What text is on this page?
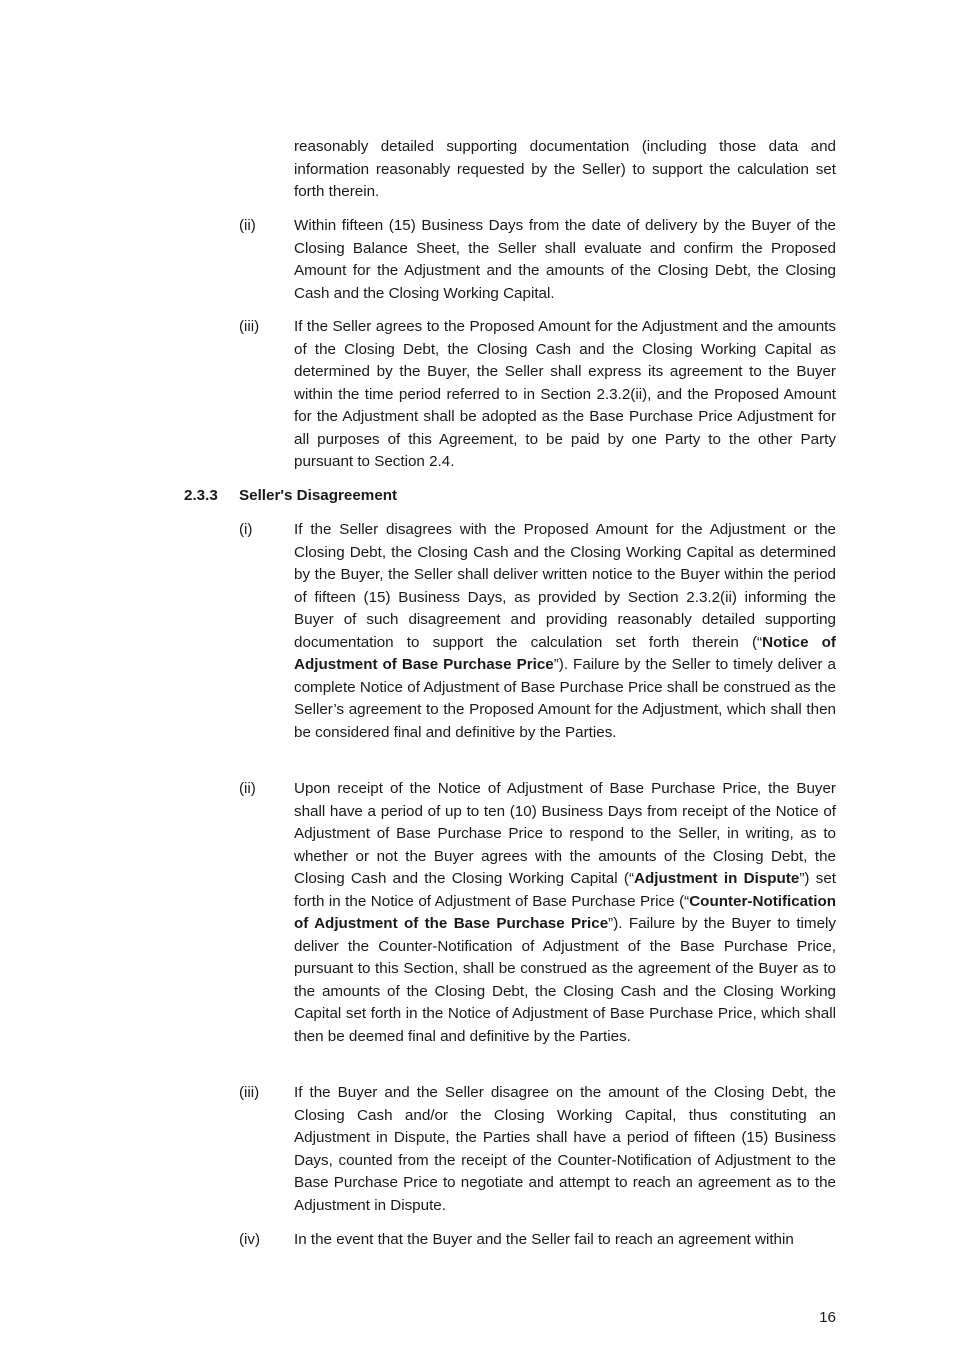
reasonably detailed supporting documentation (including those data and information reasonably requested by the Seller) to support the calculation set forth therein.

(ii)	Within fifteen (15) Business Days from the date of delivery by the Buyer of the Closing Balance Sheet, the Seller shall evaluate and confirm the Proposed Amount for the Adjustment and the amounts of the Closing Debt, the Closing Cash and the Closing Working Capital.

(iii) If the Seller agrees to the Proposed Amount for the Adjustment and the amounts of the Closing Debt, the Closing Cash and the Closing Working Capital as determined by the Buyer, the Seller shall express its agreement to the Buyer within the time period referred to in Section 2.3.2(ii), and the Proposed Amount for the Adjustment shall be adopted as the Base Purchase Price Adjustment for all purposes of this Agreement, to be paid by one Party to the other Party pursuant to Section 2.4.

2.3.3 Seller's Disagreement
(i)	If the Seller disagrees with the Proposed Amount for the Adjustment or the Closing Debt, the Closing Cash and the Closing Working Capital as determined by the Buyer, the Seller shall deliver written notice to the Buyer within the period of fifteen (15) Business Days, as provided by Section 2.3.2(ii) informing the Buyer of such disagreement and providing reasonably detailed supporting documentation to support the calculation set forth therein (“Notice of Adjustment of Base Purchase Price”). Failure by the Seller to timely deliver a complete Notice of Adjustment of Base Purchase Price shall be construed as the Seller’s agreement to the Proposed Amount for the Adjustment, which shall then be considered final and definitive by the Parties.

(ii)	Upon receipt of the Notice of Adjustment of Base Purchase Price, the Buyer shall have a period of up to ten (10) Business Days from receipt of the Notice of Adjustment of Base Purchase Price to respond to the Seller, in writing, as to whether or not the Buyer agrees with the amounts of the Closing Debt, the Closing Cash and the Closing Working Capital (“Adjustment in Dispute”) set forth in the Notice of Adjustment of Base Purchase Price (“Counter-Notification of Adjustment of the Base Purchase Price”). Failure by the Buyer to timely deliver the Counter-Notification of Adjustment of the Base Purchase Price, pursuant to this Section, shall be construed as the agreement of the Buyer as to the amounts of the Closing Debt, the Closing Cash and the Closing Working Capital set forth in the Notice of Adjustment of Base Purchase Price, which shall then be deemed final and definitive by the Parties.

(iii) If the Buyer and the Seller disagree on the amount of the Closing Debt, the Closing Cash and/or the Closing Working Capital, thus constituting an Adjustment in Dispute, the Parties shall have a period of fifteen (15) Business Days, counted from the receipt of the Counter-Notification of Adjustment to the Base Purchase Price to negotiate and attempt to reach an agreement as to the Adjustment in Dispute.

(iv) In the event that the Buyer and the Seller fail to reach an agreement within

16
